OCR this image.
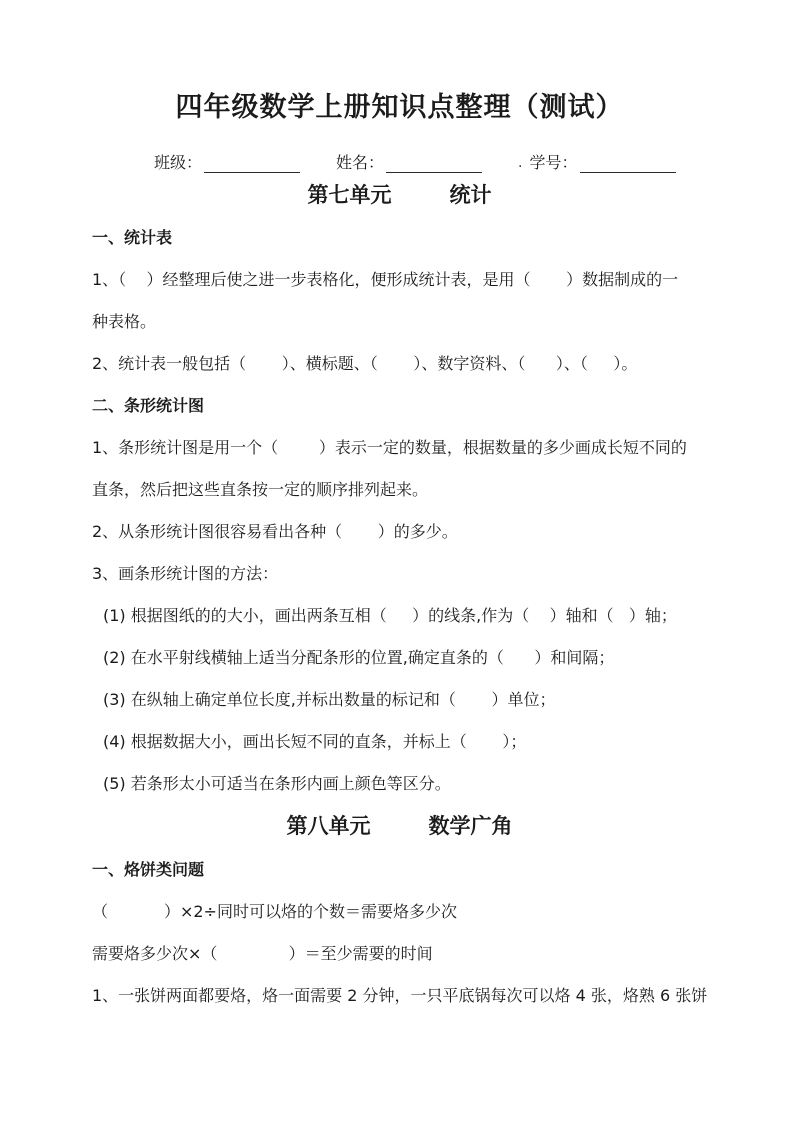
四年级数学上册知识点整理（测试）
班级：	姓名：	. 学号：
第七单元	统计
一、统计表
1、（    ）经整理后使之进一步表格化，便形成统计表，是用（       ）数据制成的一
种表格。
2、统计表一般包括（       ）、横标题、（       ）、数字资料、（      ）、（     ）。
二、条形统计图
1、条形统计图是用一个（        ）表示一定的数量，根据数量的多少画成长短不同的
直条，然后把这些直条按一定的顺序排列起来。
2、从条形统计图很容易看出各种（       ）的多少。
3、画条形统计图的方法：
(1) 根据图纸的的大小，画出两条互相（     ）的线条,作为（    ）轴和（   ）轴；
(2) 在水平射线横轴上适当分配条形的位置,确定直条的（      ）和间隔；
(3) 在纵轴上确定单位长度,并标出数量的标记和（       ）单位；
(4) 根据数据大小，画出长短不同的直条，并标上（       ）；
(5) 若条形太小可适当在条形内画上颜色等区分。
第八单元	数学广角
一、烙饼类问题
（           ）×2÷同时可以烙的个数＝需要烙多少次
需要烙多少次×（              ）＝至少需要的时间
1、一张饼两面都要烙，烙一面需要 2 分钟，一只平底锅每次可以烙 4 张，烙熟 6 张饼
